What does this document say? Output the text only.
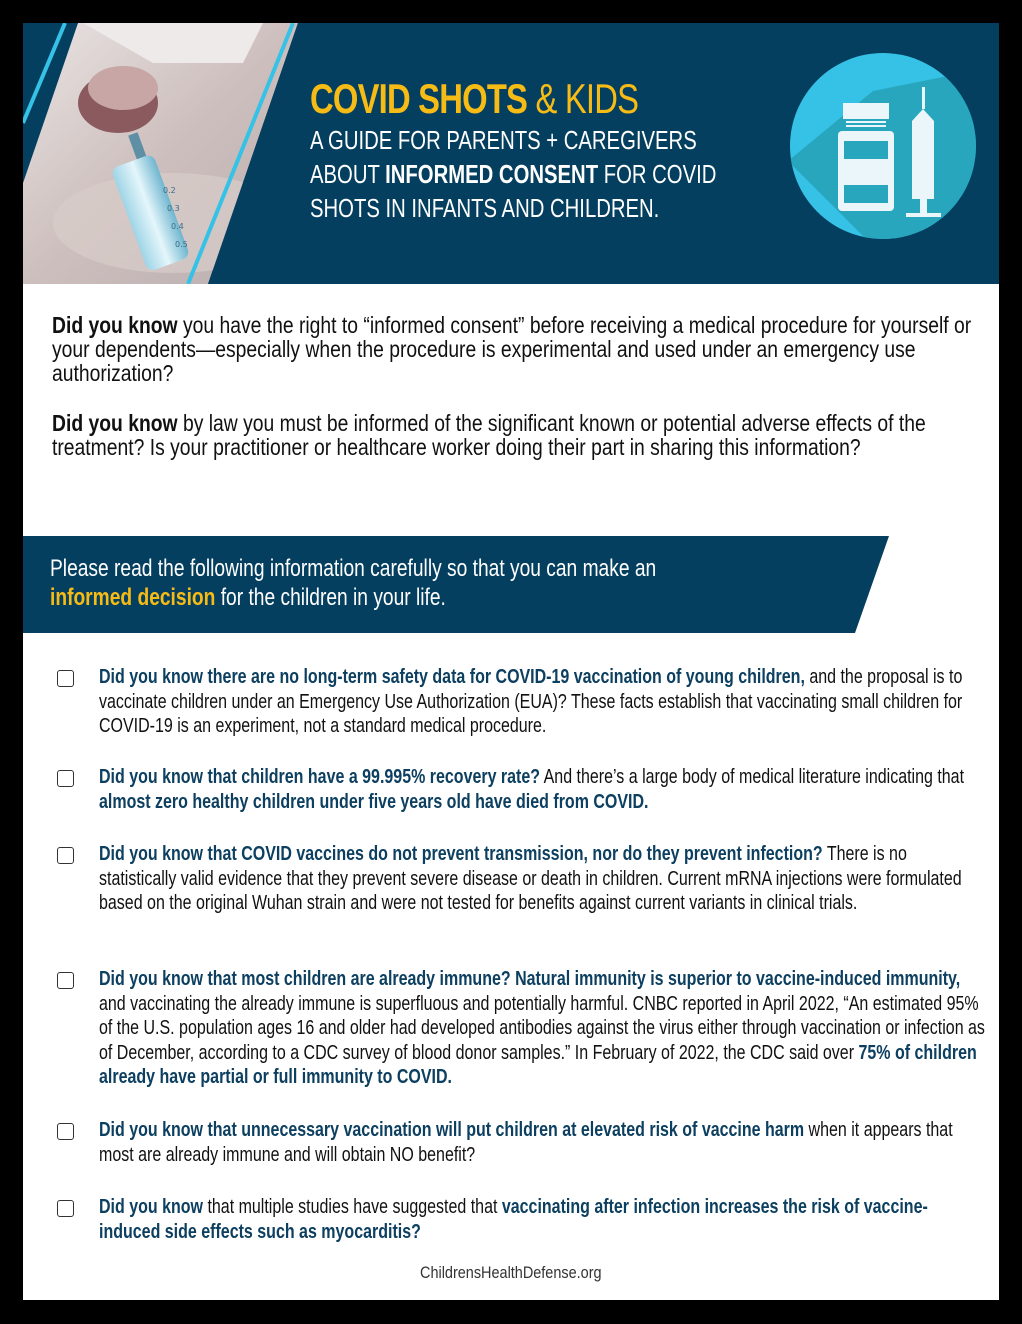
0.2
0.3
0.4
0.5
COVID SHOTS & KIDS
A GUIDE FOR PARENTS + CAREGIVERS
ABOUT INFORMED CONSENT FOR COVID
SHOTS IN INFANTS AND CHILDREN.

Did you know you have the right to “informed consent” before receiving a medical procedure for yourself or your dependents—especially when the procedure is experimental and used under an emergency use authorization?

Did you know by law you must be informed of the significant known or potential adverse effects of the treatment? Is your practitioner or healthcare worker doing their part in sharing this information?

Please read the following information carefully so that you can make an
informed decision for the children in your life.
Did you know there are no long-term safety data for COVID-19 vaccination of young children, and the proposal is to vaccinate children under an Emergency Use Authorization (EUA)? These facts establish that vaccinating small children for COVID-19 is an experiment, not a standard medical procedure.
Did you know that children have a 99.995% recovery rate? And there’s a large body of medical literature indicating that almost zero healthy children under five years old have died from COVID.
Did you know that COVID vaccines do not prevent transmission, nor do they prevent infection? There is no statistically valid evidence that they prevent severe disease or death in children. Current mRNA injections were formulated based on the original Wuhan strain and were not tested for benefits against current variants in clinical trials.
Did you know that most children are already immune? Natural immunity is superior to vaccine-induced immunity, and vaccinating the already immune is superfluous and potentially harmful. CNBC reported in April 2022, “An estimated 95% of the U.S. population ages 16 and older had developed antibodies against the virus either through vaccination or infection as of December, according to a CDC survey of blood donor samples.” In February of 2022, the CDC said over 75% of children already have partial or full immunity to COVID.
Did you know that unnecessary vaccination will put children at elevated risk of vaccine harm when it appears that most are already immune and will obtain NO benefit?
Did you know that multiple studies have suggested that vaccinating after infection increases the risk of vaccine-induced side effects such as myocarditis?
ChildrensHealthDefense.org
